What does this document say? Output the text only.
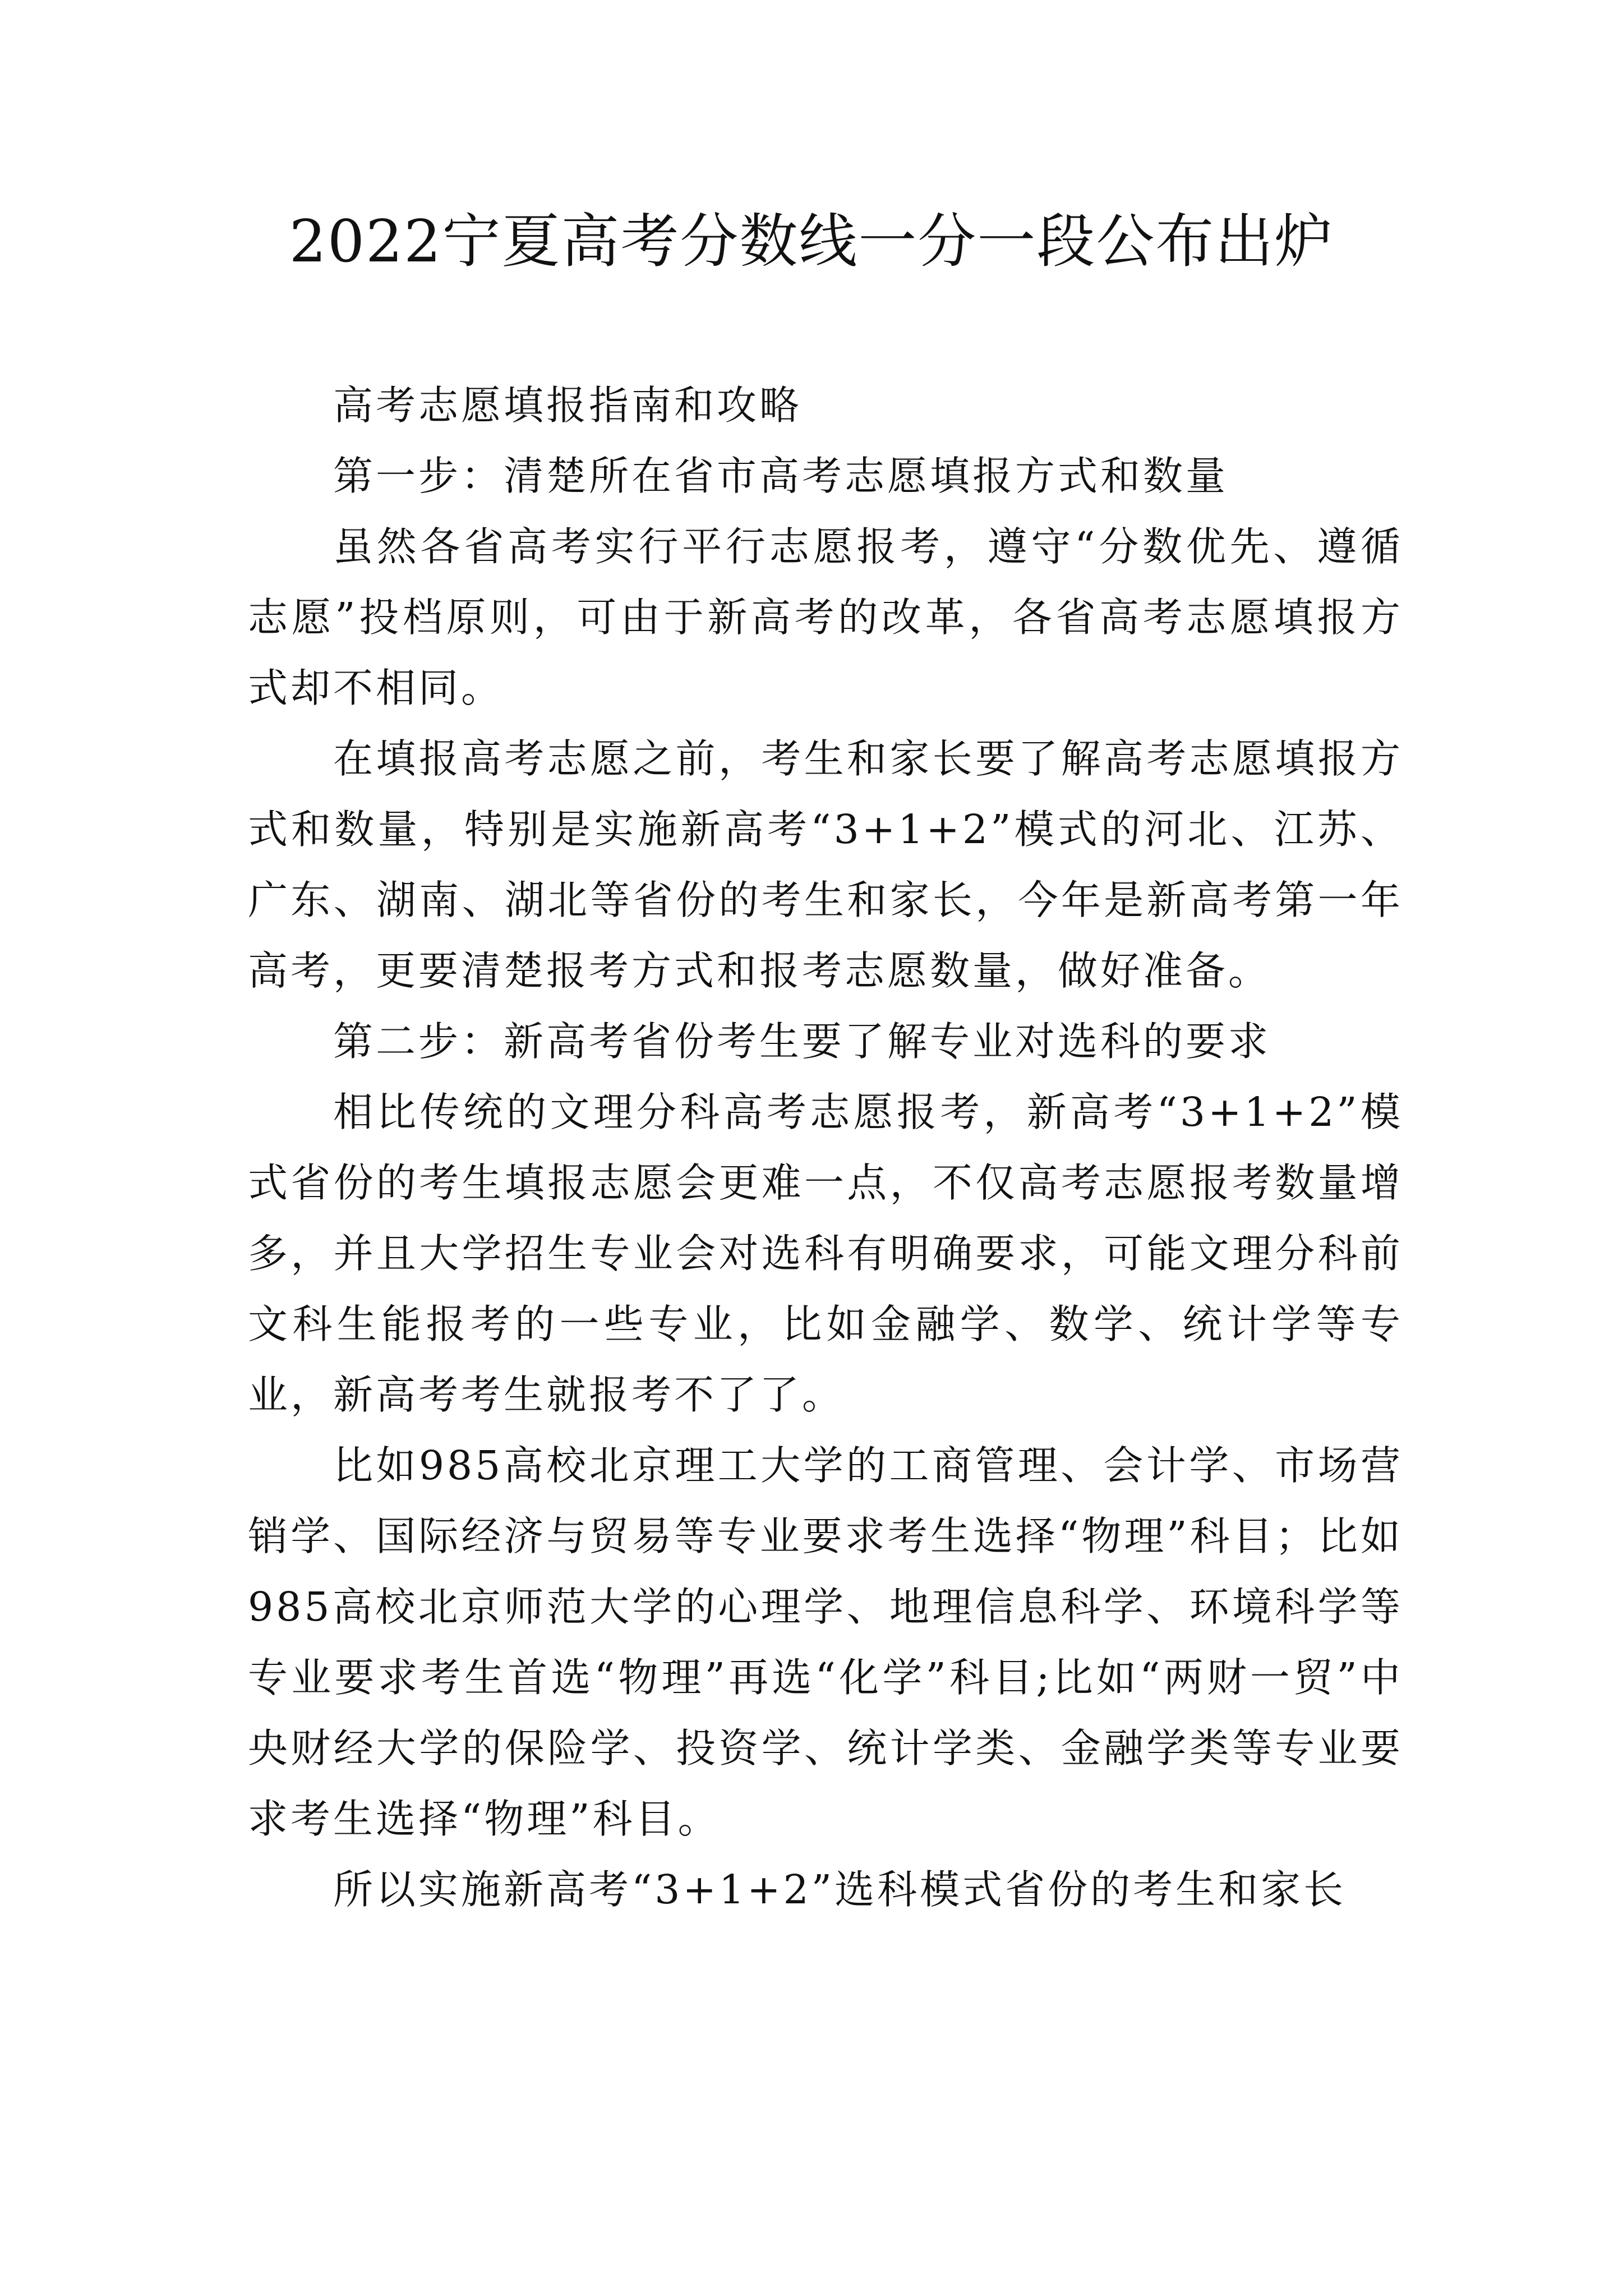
2022宁夏高考分数线一分一段公布出炉

高考志愿填报指南和攻略

第一步：清楚所在省市高考志愿填报方式和数量

虽然各省高考实行平行志愿报考，遵守“分数优先、遵循志愿”投档原则，可由于新高考的改革，各省高考志愿填报方式却不相同。

在填报高考志愿之前，考生和家长要了解高考志愿填报方式和数量，特别是实施新高考“3+1+2”模式的河北、江苏、广东、湖南、湖北等省份的考生和家长，今年是新高考第一年高考，更要清楚报考方式和报考志愿数量，做好准备。

第二步：新高考省份考生要了解专业对选科的要求

相比传统的文理分科高考志愿报考，新高考“3+1+2”模式省份的考生填报志愿会更难一点，不仅高考志愿报考数量增多，并且大学招生专业会对选科有明确要求，可能文理分科前文科生能报考的一些专业，比如金融学、数学、统计学等专业，新高考考生就报考不了了。

比如985高校北京理工大学的工商管理、会计学、市场营销学、国际经济与贸易等专业要求考生选择“物理”科目；比如985高校北京师范大学的心理学、地理信息科学、环境科学等专业要求考生首选“物理”再选“化学”科目;比如“两财一贸”中央财经大学的保险学、投资学、统计学类、金融学类等专业要求考生选择“物理”科目。

所以实施新高考“3+1+2”选科模式省份的考生和家长
